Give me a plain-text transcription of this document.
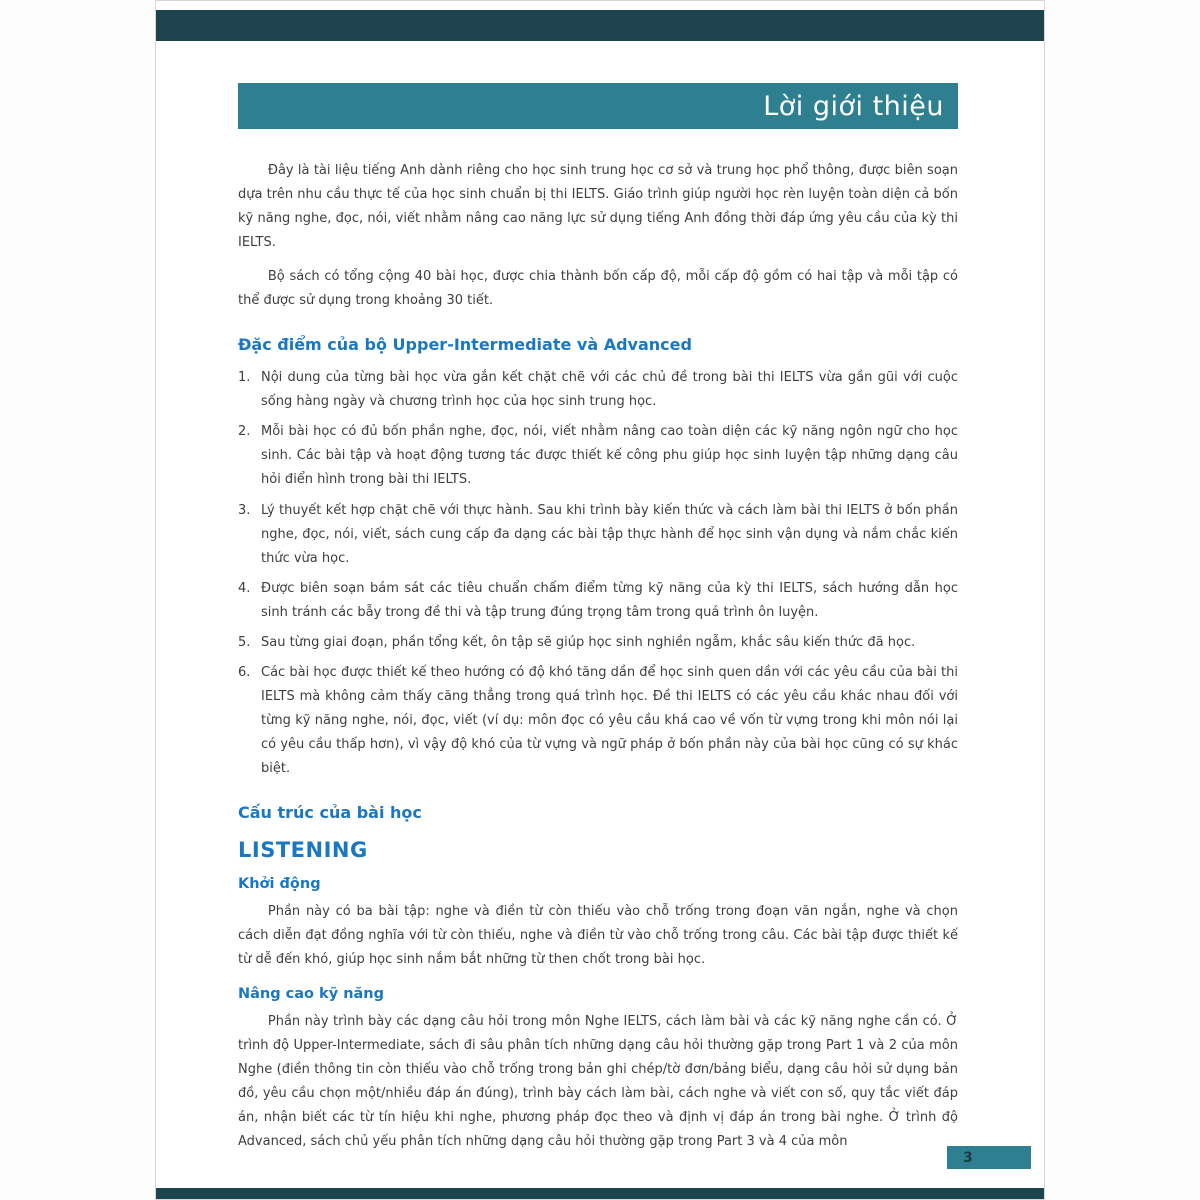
Lời giới thiệu

Đây là tài liệu tiếng Anh dành riêng cho học sinh trung học cơ sở và trung học phổ thông, được biên soạn dựa trên nhu cầu thực tế của học sinh chuẩn bị thi IELTS. Giáo trình giúp người học rèn luyện toàn diện cả bốn kỹ năng nghe, đọc, nói, viết nhằm nâng cao năng lực sử dụng tiếng Anh đồng thời đáp ứng yêu cầu của kỳ thi IELTS.

Bộ sách có tổng cộng 40 bài học, được chia thành bốn cấp độ, mỗi cấp độ gồm có hai tập và mỗi tập có thể được sử dụng trong khoảng 30 tiết.

Đặc điểm của bộ Upper-Intermediate và Advanced
1. Nội dung của từng bài học vừa gắn kết chặt chẽ với các chủ đề trong bài thi IELTS vừa gần gũi với cuộc sống hàng ngày và chương trình học của học sinh trung học.
2. Mỗi bài học có đủ bốn phần nghe, đọc, nói, viết nhằm nâng cao toàn diện các kỹ năng ngôn ngữ cho học sinh. Các bài tập và hoạt động tương tác được thiết kế công phu giúp học sinh luyện tập những dạng câu hỏi điển hình trong bài thi IELTS.
3. Lý thuyết kết hợp chặt chẽ với thực hành. Sau khi trình bày kiến thức và cách làm bài thi IELTS ở bốn phần nghe, đọc, nói, viết, sách cung cấp đa dạng các bài tập thực hành để học sinh vận dụng và nắm chắc kiến thức vừa học.
4. Được biên soạn bám sát các tiêu chuẩn chấm điểm từng kỹ năng của kỳ thi IELTS, sách hướng dẫn học sinh tránh các bẫy trong đề thi và tập trung đúng trọng tâm trong quá trình ôn luyện.
5. Sau từng giai đoạn, phần tổng kết, ôn tập sẽ giúp học sinh nghiền ngẫm, khắc sâu kiến thức đã học.
6. Các bài học được thiết kế theo hướng có độ khó tăng dần để học sinh quen dần với các yêu cầu của bài thi IELTS mà không cảm thấy căng thẳng trong quá trình học. Đề thi IELTS có các yêu cầu khác nhau đối với từng kỹ năng nghe, nói, đọc, viết (ví dụ: môn đọc có yêu cầu khá cao về vốn từ vựng trong khi môn nói lại có yêu cầu thấp hơn), vì vậy độ khó của từ vựng và ngữ pháp ở bốn phần này của bài học cũng có sự khác biệt.
Cấu trúc của bài học
LISTENING
Khởi động

Phần này có ba bài tập: nghe và điền từ còn thiếu vào chỗ trống trong đoạn văn ngắn, nghe và chọn cách diễn đạt đồng nghĩa với từ còn thiếu, nghe và điền từ vào chỗ trống trong câu. Các bài tập được thiết kế từ dễ đến khó, giúp học sinh nắm bắt những từ then chốt trong bài học.

Nâng cao kỹ năng

Phần này trình bày các dạng câu hỏi trong môn Nghe IELTS, cách làm bài và các kỹ năng nghe cần có. Ở trình độ Upper-Intermediate, sách đi sâu phân tích những dạng câu hỏi thường gặp trong Part 1 và 2 của môn Nghe (điền thông tin còn thiếu vào chỗ trống trong bản ghi chép/tờ đơn/bảng biểu, dạng câu hỏi sử dụng bản đồ, yêu cầu chọn một/nhiều đáp án đúng), trình bày cách làm bài, cách nghe và viết con số, quy tắc viết đáp án, nhận biết các từ tín hiệu khi nghe, phương pháp đọc theo và định vị đáp án trong bài nghe. Ở trình độ Advanced, sách chủ yếu phân tích những dạng câu hỏi thường gặp trong Part 3 và 4 của môn

3
